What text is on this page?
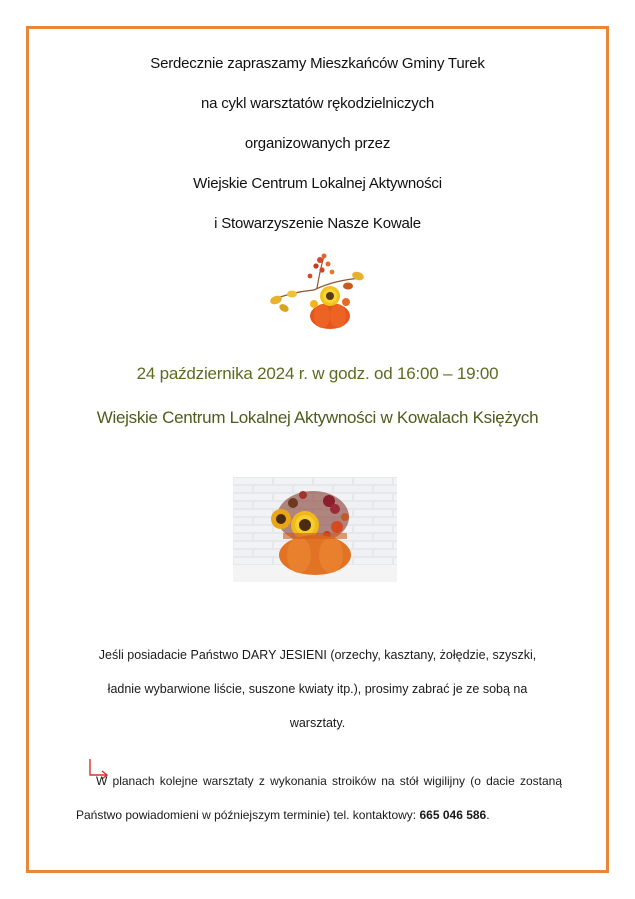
Serdecznie zapraszamy Mieszkańców Gminy Turek
na cykl warsztatów rękodzielniczych
organizowanych przez
Wiejskie Centrum Lokalnej Aktywności
i Stowarzyszenie Nasze Kowale
24 października 2024 r. w godz. od 16:00 – 19:00
Wiejskie Centrum Lokalnej Aktywności w Kowalach Księżych
Jeśli posiadacie Państwo DARY JESIENI (orzechy, kasztany, żołędzie, szyszki,
ładnie wybarwione liście, suszone kwiaty itp.), prosimy zabrać je ze sobą na
warsztaty.
W planach kolejne warsztaty z wykonania stroików na stół wigilijny (o dacie zostaną Państwo powiadomieni w późniejszym terminie) tel. kontaktowy: 665 046 586.
